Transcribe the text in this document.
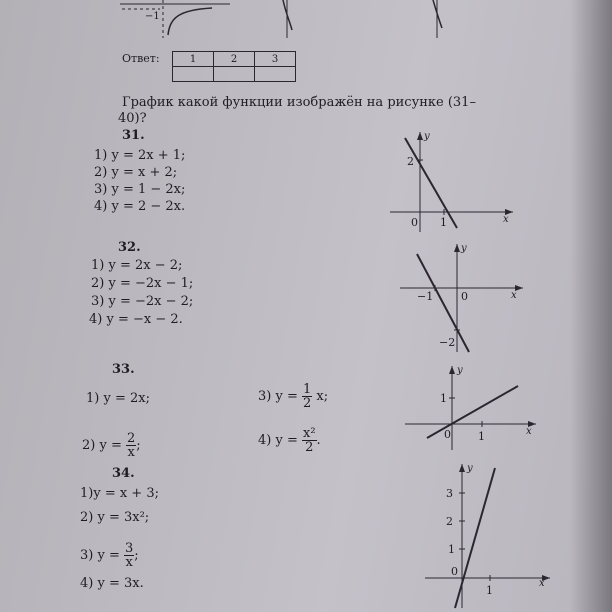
−1
Ответ:	1	2	3

График какой функции изображён на рисунке (31–
40)?
31.
1) y = 2x + 1;
2) y = x + 2;
3) y = 1 − 2x;
4) y = 2 − 2x.
2
0 1	x
y
32.
1) y = 2x − 2;
2) y = −2x − 1;
3) y = −2x − 2;
4) y = −x − 2.
−1	0
−2
x
y
33.
1) y = 2x;
2) $y = \frac{2}{x}$ ;
3) $y = \frac{1}{2} x$;
4) $y = \frac{\text{x²}}{2}$ .
1
0 1	x
y
34.
1)y = x + 3;
2) y = 3x²;
3) $y = \frac{3}{x}$ ;
4) y = 3x.
3
2
1
0
1
x
y
